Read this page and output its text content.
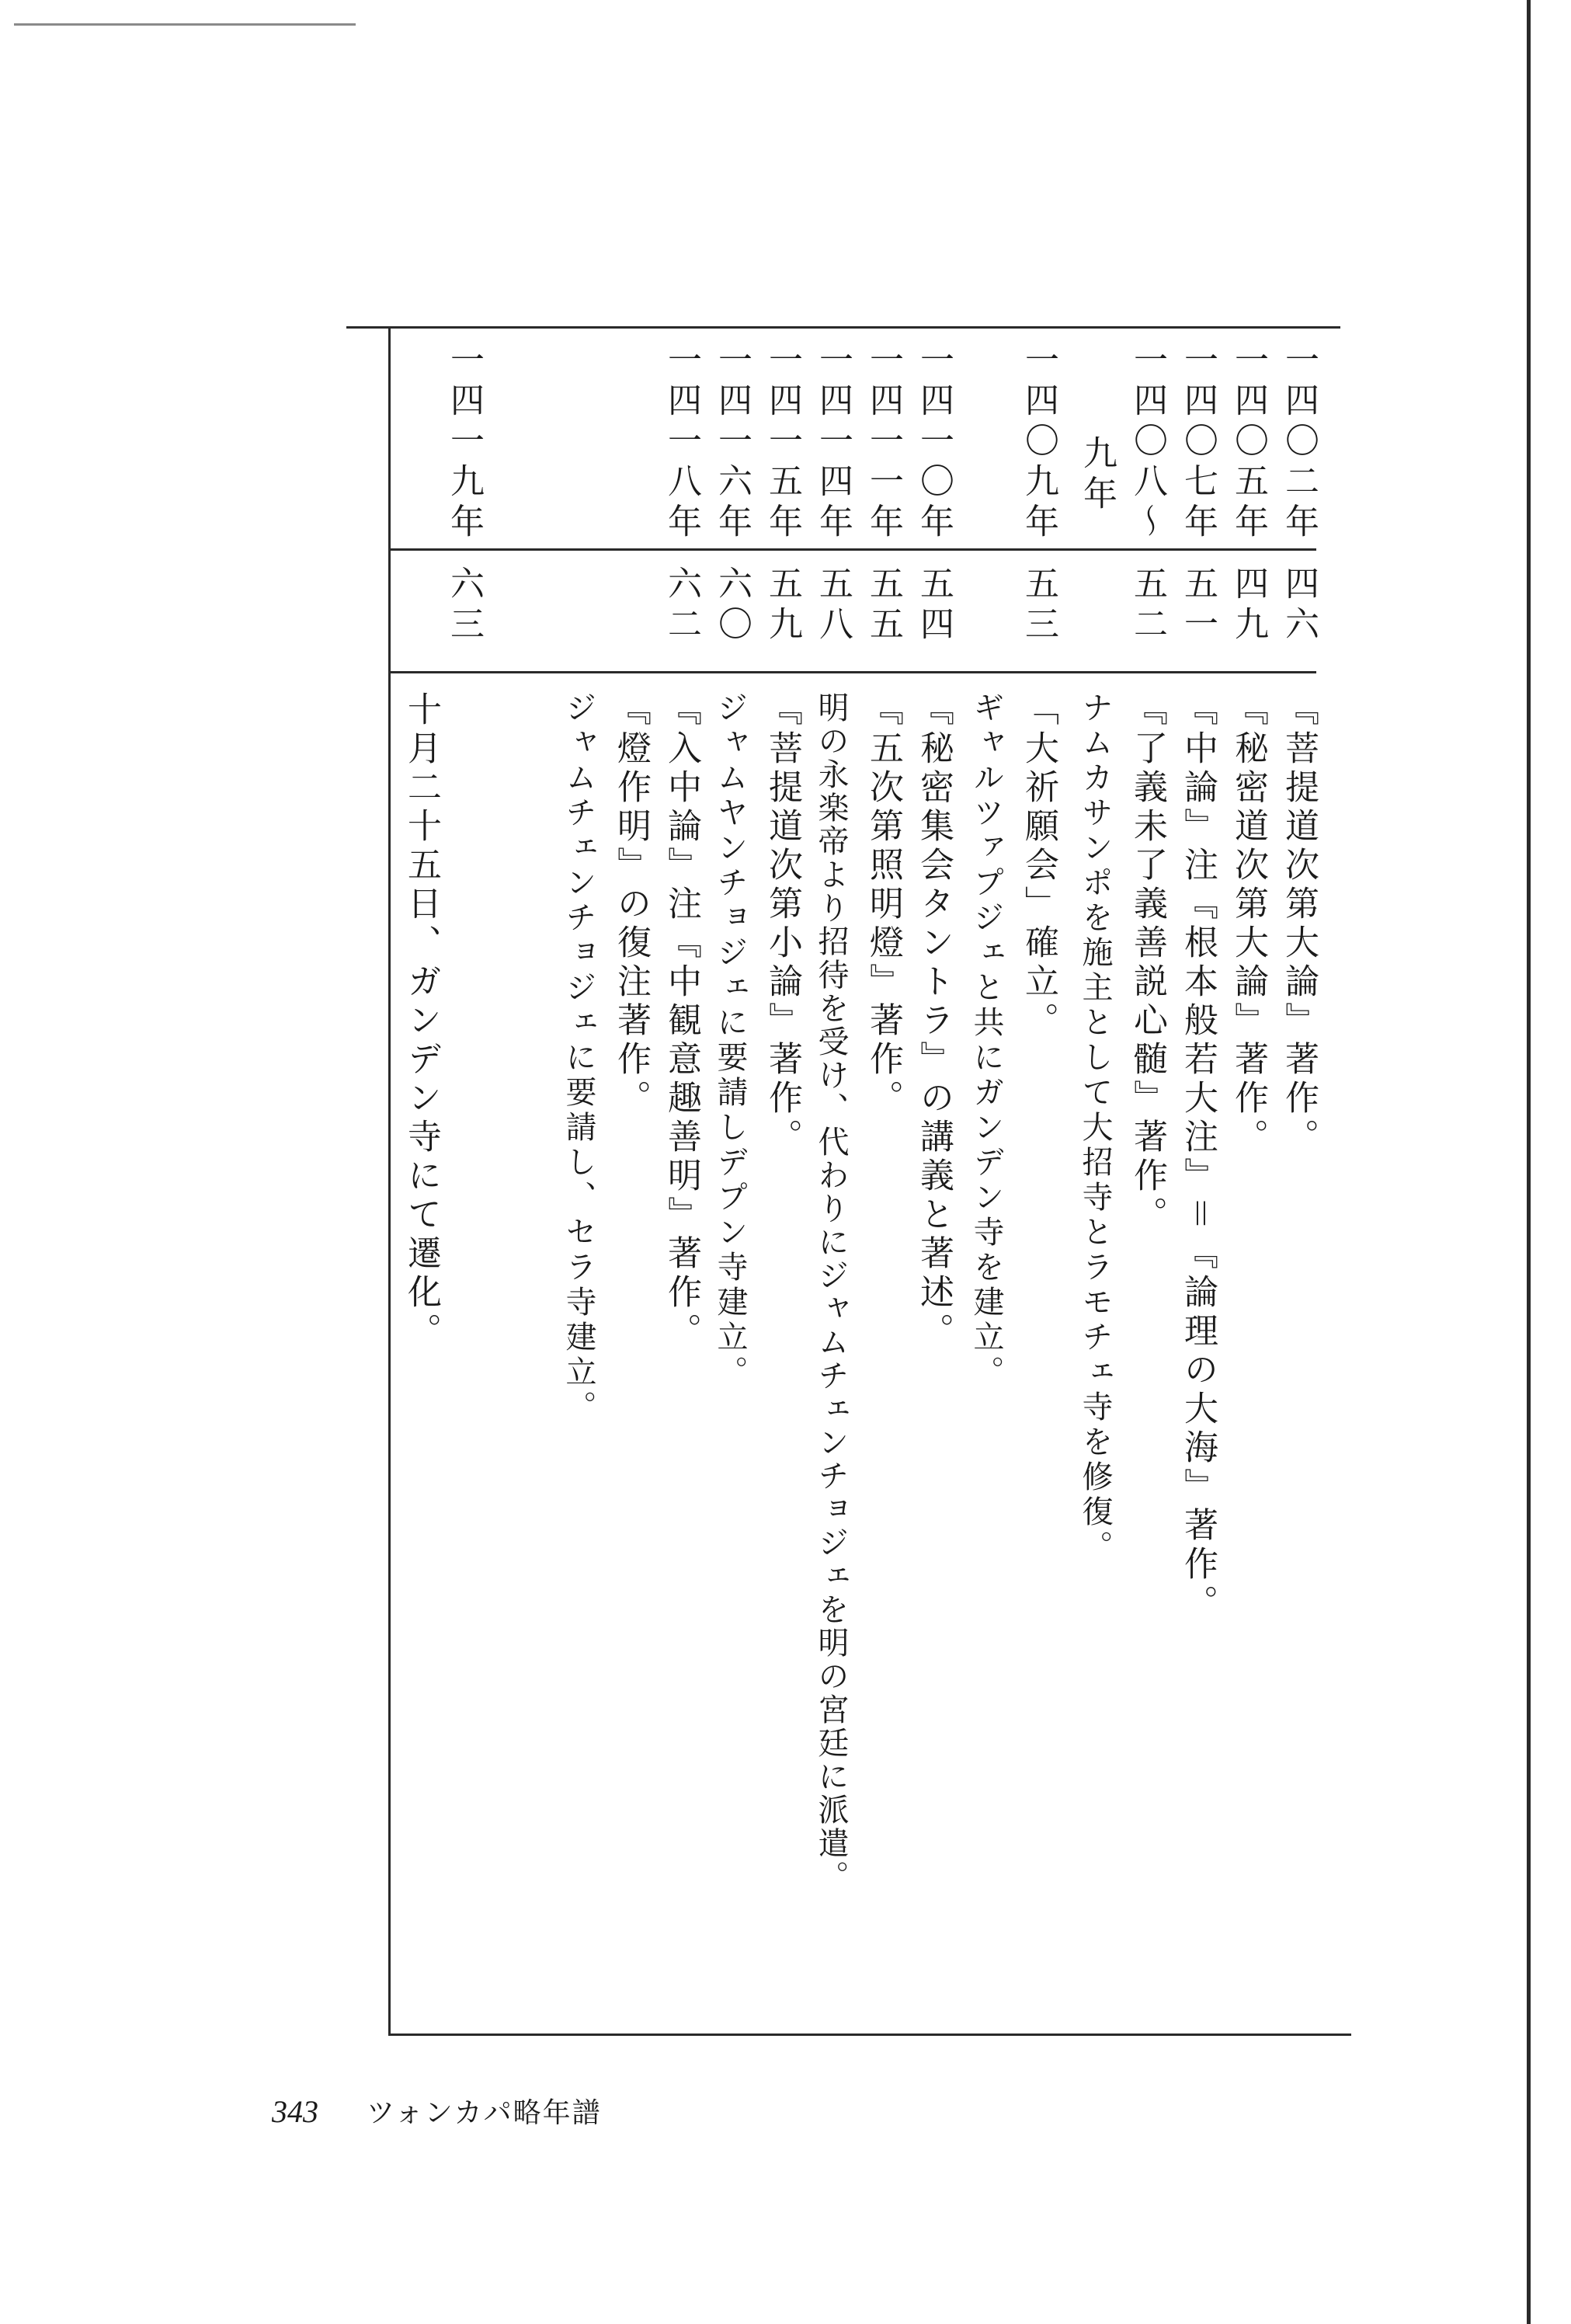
一四〇二年
四六
『菩提道次第大論』著作。
一四〇五年
四九
『秘密道次第大論』著作。
一四〇七年
五一
『中論』注『根本般若大注』＝『論理の大海』著作。
一四〇八〜
五二
『了義未了義善説心髄』著作。
九年
ナムカサンポを施主として大招寺とラモチェ寺を修復。
一四〇九年
五三
「大祈願会」確立。
ギャルツァプジェと共にガンデン寺を建立。
一四一〇年
五四
『秘密集会タントラ』の講義と著述。
一四一一年
五五
『五次第照明燈』著作。
一四一四年
五八
明の永楽帝より招待を受け、代わりにジャムチェンチョジェを明の宮廷に派遣。
一四一五年
五九
『菩提道次第小論』著作。
一四一六年
六〇
ジャムヤンチョジェに要請しデプン寺建立。
一四一八年
六二
『入中論』注『中観意趣善明』著作。
『燈作明』の復注著作。
ジャムチェンチョジェに要請し、セラ寺建立。
一四一九年
六三
十月二十五日、ガンデン寺にて遷化。
343 ツォンカパ略年譜
